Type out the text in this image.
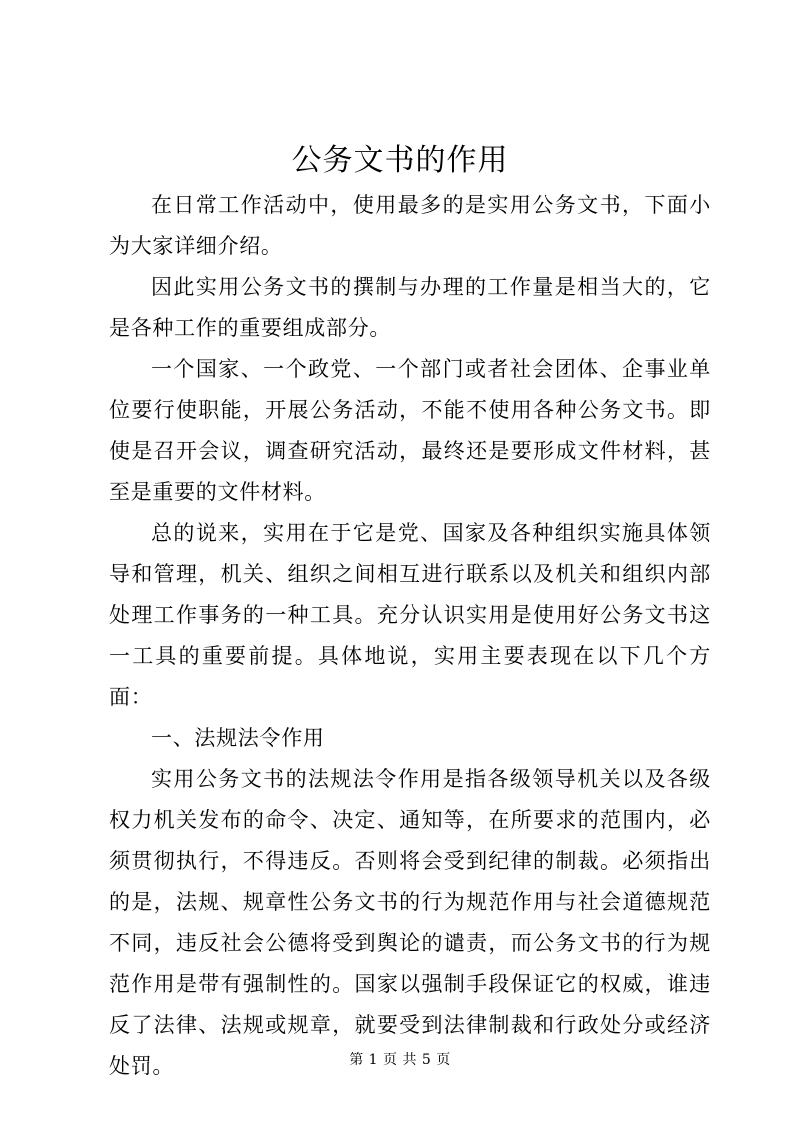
公务文书的作用

在日常工作活动中，使用最多的是实用公务文书，下面小为大家详细介绍。

因此实用公务文书的撰制与办理的工作量是相当大的，它是各种工作的重要组成部分。

一个国家、一个政党、一个部门或者社会团体、企事业单位要行使职能，开展公务活动，不能不使用各种公务文书。即使是召开会议，调查研究活动，最终还是要形成文件材料，甚至是重要的文件材料。

总的说来，实用在于它是党、国家及各种组织实施具体领导和管理，机关、组织之间相互进行联系以及机关和组织内部处理工作事务的一种工具。充分认识实用是使用好公务文书这一工具的重要前提。具体地说，实用主要表现在以下几个方面：

一、法规法令作用

实用公务文书的法规法令作用是指各级领导机关以及各级权力机关发布的命令、决定、通知等，在所要求的范围内，必须贯彻执行，不得违反。否则将会受到纪律的制裁。必须指出的是，法规、规章性公务文书的行为规范作用与社会道德规范不同，违反社会公德将受到舆论的谴责，而公务文书的行为规范作用是带有强制性的。国家以强制手段保证它的权威，谁违反了法律、法规或规章，就要受到法律制裁和行政处分或经济处罚。	第 1 页 共 5 页
